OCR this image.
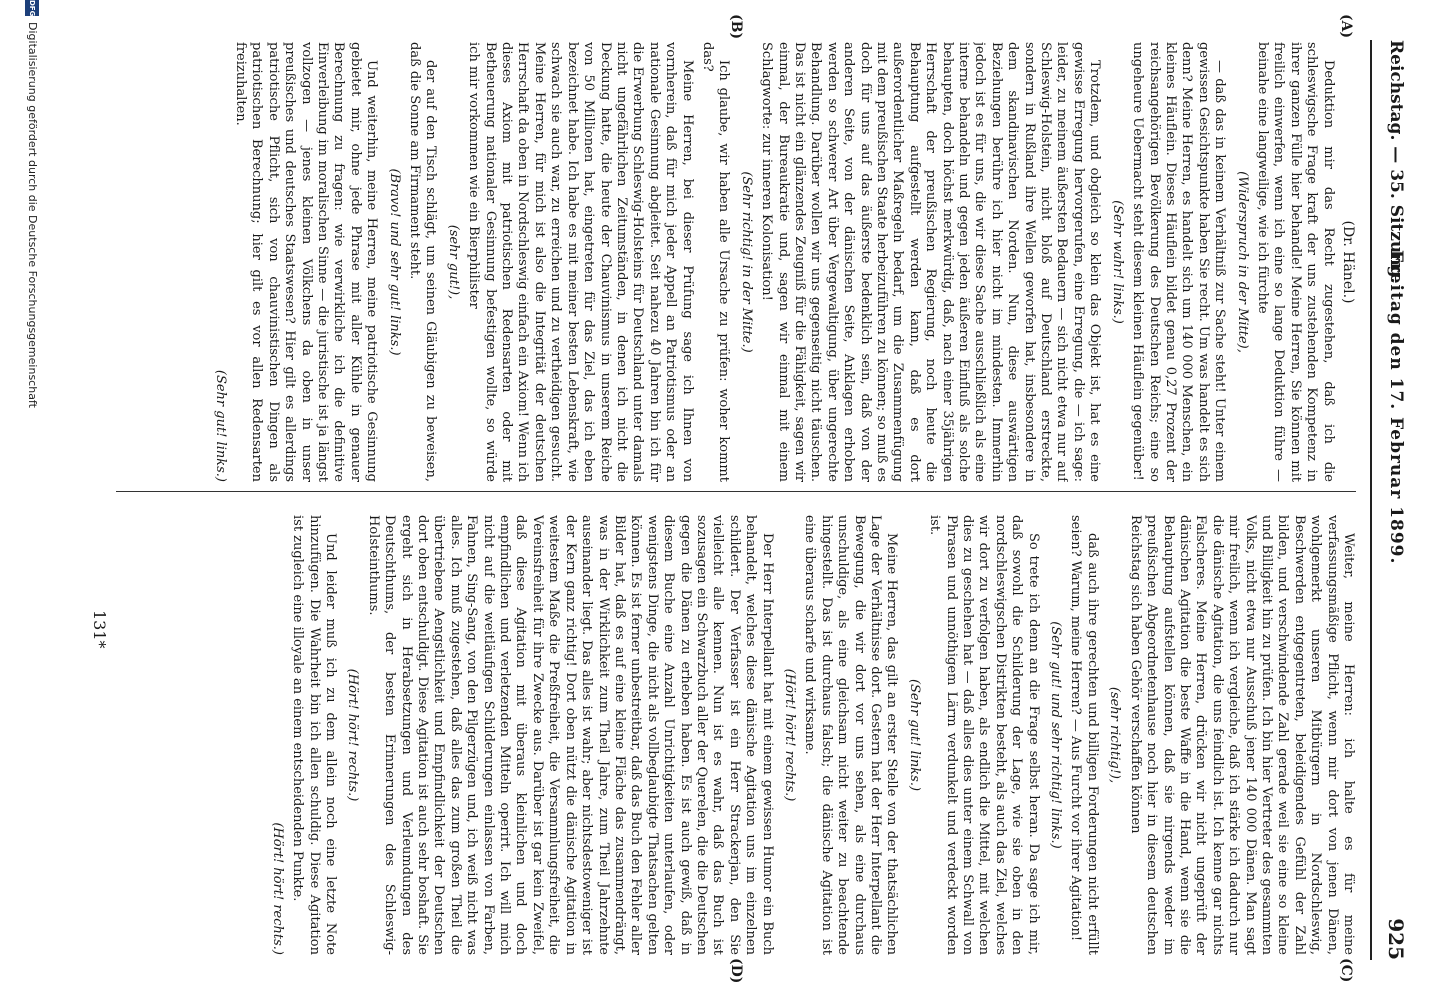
Reichstag. — 35. Sitzung.
Freitag den 17. Februar 1899.
925
(A)
(B)
(C)
(D)

(Dr. Hänel.)

Deduktion mir das Recht zugestehen, daß ich die schleswigsche Frage kraft der uns zustehenden Kompetenz in ihrer ganzen Fülle hier behandle! Meine Herren, Sie können mit freilich einwerfen, wenn ich eine so lange Deduktion führe — beinahe eine langweilige, wie ich fürchte

(Widerspruch in der Mitte),

— daß das in keinem Verhältniß zur Sache steht! Unter einem gewissen Gesichtspunkte haben Sie recht. Um was handelt es sich denn? Meine Herren, es handelt sich um 140 000 Menschen, ein kleines Häuflein. Dieses Häuflein bildet genau 0,27 Prozent der reichsangehörigen Bevölkerung des Deutschen Reichs; eine so ungeheure Uebermacht steht diesem kleinen Häuflein gegenüber!

(Sehr wahr! links.)

Trotzdem, und obgleich so klein das Objekt ist, hat es eine gewisse Erregung hervorgerufen, eine Erregung, die — ich sage: leider, zu meinem äußersten Bedauern — sich nicht etwa nur auf Schleswig-Holstein, nicht bloß auf Deutschland erstreckte, sondern in Rußland ihre Wellen geworfen hat, insbesondere in dem skandinavischen Norden. Nun, diese auswärtigen Beziehungen berühre ich hier nicht im mindesten. Immerhin jedoch ist es für uns, die wir diese Sache ausschließlich als eine interne behandeln und gegen jeden äußeren Einfluß als solche behaupten, doch höchst merkwürdig, daß, nach einer 35jährigen Herrschaft der preußischen Regierung, noch heute die Behauptung aufgestellt werden kann, daß es dort außerordentlicher Maßregeln bedarf, um die Zusammenfügung mit dem preußischen Staate herbeizuführen zu können; so muß es doch für uns auf das äußerste bedenklich sein, daß von der anderen Seite, von der dänischen Seite, Anklagen erhoben werden so schwerer Art über Vergewaltigung, über ungerechte Behandlung. Darüber wollen wir uns gegenseitig nicht täuschen. Das ist nicht ein glänzendes Zeugniß für die Fähigkeit, sagen wir einmal, der Bureaukratie und, sagen wir einmal mit einem Schlagworte: zur inneren Kolonisation!

(Sehr richtig! in der Mitte.)

Ich glaube, wir haben alle Ursache zu prüfen: woher kommt das?

Meine Herren, bei dieser Prüfung sage ich Ihnen von vornherein, daß für mich jeder Appell an Patriotismus oder an nationale Gesinnung abgleitet. Seit nahezu 40 Jahren bin ich für die Erwerbung Schleswig-Holsteins für Deutschland unter damals nicht ungefährlichen Zeitumständen, in denen ich nicht die Deckung hatte, die heute der Chauvinismus in unserem Reiche von 50 Millionen hat, eingetreten für das Ziel, das ich eben bezeichnet habe. Ich habe es mit meiner besten Lebenskraft, wie schwach sie auch war, zu erreichen und zu vertheidigen gesucht. Meine Herren, für mich ist also die Integrität der deutschen Herrschaft da oben in Nordschleswig einfach ein Axiom! Wenn ich dieses Axiom mit patriotischen Redensarten oder mit Betheuerung nationaler Gesinnung befestigen wollte, so würde ich mir vorkommen wie ein Bierphilister

(sehr gut!),

der auf den Tisch schlägt, um seinen Gläubigen zu beweisen, daß die Sonne am Firmament steht.

(Bravo! und sehr gut! links.)

Und weiterhin, meine Herren, meine patriotische Gesinnung gebietet mir, ohne jede Phrase mit aller Kühle in genauer Berechnung zu fragen: wie verwirkliche ich die definitive Einverleibung im moralischen Sinne — die juristische ist ja längst vollzogen — jenes kleinen Völkchens da oben in unser preußisches und deutsches Staatswesen? Hier gilt es allerdings patriotische Pflicht, sich von chauvinistischen Dingen als patriotischen Berechnung; hier gilt es vor allen Redensarten freizuhalten.

(Sehr gut! links.)

Weiter, meine Herren: ich halte es für meine verfassungsmäßige Pflicht, wenn mir dort von jenen Dänen, wohlgemerkt unseren Mitbürgern in Nordschleswig, Beschwerden entgegentreten, beleidigendes Gefühl der Zahl bilden, und verschwindende Zahl gerade weil sie eine so kleine und Billigkeit hin zu prüfen. Ich bin hier Vertreter des gesammten Volks, nicht etwa nur Ausschuß jener 140 000 Dänen. Man sagt mir freilich, wenn ich vergleiche, daß ich stärke ich dadurch nur die dänische Agitation, die uns feindlich ist. Ich kenne gar nichts Falscheres. Meine Herren, drücken wir nicht ungeprüft der dänischen Agitation die beste Waffe in die Hand, wenn sie die Behauptung aufstellen können, daß sie nirgends weder im preußischen Abgeordnetenhause noch hier in diesem deutschen Reichstag sich haben Gehör verschaffen können

(sehr richtig!),

daß auch ihre gerechten und billigen Forderungen nicht erfüllt seien? Warum, meine Herren? — Aus Furcht vor ihrer Agitation!

(Sehr gut! und sehr richtig! links.)

So trete ich denn an die Frage selbst heran. Da sage ich mir, daß sowohl die Schilderung der Lage, wie sie oben in den nordschleswigschen Distrikten besteht, als auch das Ziel, welches wir dort zu verfolgen haben, als endlich die Mittel, mit welchen dies zu geschehen hat — daß alles dies unter einem Schwall von Phrasen und unnöthigem Lärm verdunkelt und verdeckt worden ist.

(Sehr gut! links.)

Meine Herren, das gilt an erster Stelle von der thatsächlichen Lage der Verhältnisse dort. Gestern hat der Herr Interpellant die Bewegung, die wir dort vor uns sehen, als eine durchaus unschuldige, als eine gleichsam nicht weiter zu beachtende hingestellt. Das ist durchaus falsch; die dänische Agitation ist eine überaus scharfe und wirksame.

(Hört! hört! rechts.)

Der Herr Interpellant hat mit einem gewissen Humor ein Buch behandelt, welches diese dänische Agitation uns im einzelnen schildert. Der Verfasser ist ein Herr Strackerjan, den Sie vielleicht alle kennen. Nun ist es wahr, daß das Buch ist sozusagen ein Schwarzbuch aller der Querelen, die die Deutschen gegen die Dänen zu erheben haben. Es ist auch gewiß, daß in diesem Buche eine Anzahl Unrichtigkeiten unterlaufen, oder wenigstens Dinge, die nicht als vollbeglaubigte Thatsachen gelten können. Es ist ferner unbestreitbar, daß das Buch den Fehler aller Bilder hat, daß es auf eine kleine Fläche das zusammendrängt, was in der Wirklichkeit zum Theil Jahre, zum Theil Jahrzehnte auseinander liegt. Das alles ist wahr; aber nichtsdestoweniger ist der Kern ganz richtig! Dort oben nützt die dänische Agitation in weitestem Maße die Preßfreiheit, die Versammlungsfreiheit, die Vereinsfreiheit für ihre Zwecke aus. Darüber ist gar kein Zweifel, daß diese Agitation mit überaus kleinlichen und doch empfindlichen und verletzenden Mitteln operirt. Ich will mich nicht auf die weitläufigen Schilderungen einlassen von Farben, Fahnen, Sing-Sang, von den Pilgerzügen und, ich weiß nicht was alles. Ich muß zugestehen, daß alles das zum großen Theil die übertriebene Aengstlichkeit und Empfindlichkeit der Deutschen dort oben entschuldigt. Diese Agitation ist auch sehr boshaft. Sie ergeht sich in Herabsetzungen und Verleumdungen des Deutschthums, der besten Erinnerungen des Schleswig-Holsteinthums.

(Hört! hört! rechts.)

Und leider muß ich zu dem allein noch eine letzte Note hinzufügen. Die Wahrheit bin ich allen schuldig. Diese Agitation ist zugleich eine illoyale an einem entscheidenden Punkte.

(Hört! hört! rechts.)

131*
DFGDigitalisierung gefördert durch die Deutsche Forschungsgemeinschaft
